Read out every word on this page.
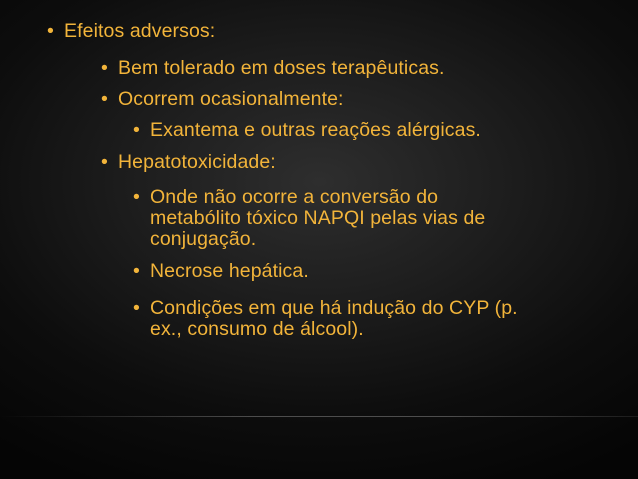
• Efeitos adversos:
• Bem tolerado em doses terapêuticas.
• Ocorrem ocasionalmente:
• Exantema e outras reações alérgicas.
• Hepatotoxicidade:
• Onde não ocorre a conversão do
metabólito tóxico NAPQI pelas vias de
conjugação.
• Necrose hepática.
• Condições em que há indução do CYP (p.
ex., consumo de álcool).
